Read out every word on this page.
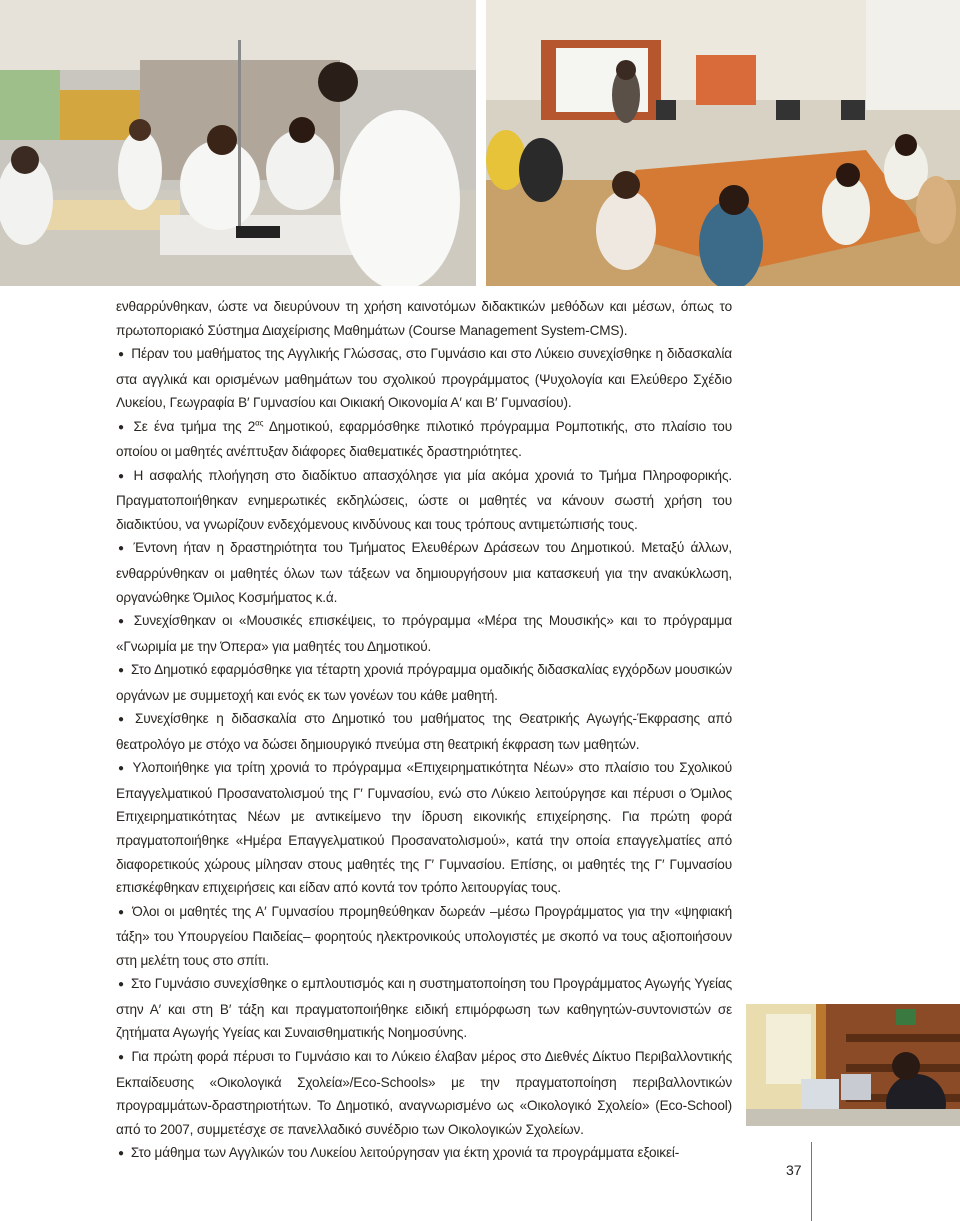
ενθαρρύνθηκαν, ώστε να διευρύνουν τη χρήση καινοτόμων διδακτικών μεθόδων και μέσων, όπως το πρωτοποριακό Σύστημα Διαχείρισης Μαθημάτων (Course Management System-CMS).

● Πέραν του μαθήματος της Αγγλικής Γλώσσας, στο Γυμνάσιο και στο Λύκειο συνεχίσθηκε η διδασκαλία στα αγγλικά και ορισμένων μαθημάτων του σχολικού προγράμματος (Ψυχολογία και Ελεύθερο Σχέδιο Λυκείου, Γεωγραφία Β′ Γυμνασίου και Οικιακή Οικονομία Α′ και Β′ Γυμνασίου).

● Σε ένα τμήμα της $2^{\alpha\varsigma}$ Δημοτικού, εφαρμόσθηκε πιλοτικό πρόγραμμα Ρομποτικής, στο πλαίσιο του οποίου οι μαθητές ανέπτυξαν διάφορες διαθεματικές δραστηριότητες.

● Η ασφαλής πλοήγηση στο διαδίκτυο απασχόλησε για μία ακόμα χρονιά το Τμήμα Πληροφορικής. Πραγματοποιήθηκαν ενημερωτικές εκδηλώσεις, ώστε οι μαθητές να κάνουν σωστή χρήση του διαδικτύου, να γνωρίζουν ενδεχόμενους κινδύνους και τους τρόπους αντιμετώπισής τους.

● Έντονη ήταν η δραστηριότητα του Τμήματος Ελευθέρων Δράσεων του Δημοτικού. Μεταξύ άλλων, ενθαρρύνθηκαν οι μαθητές όλων των τάξεων να δημιουργήσουν μια κατασκευή για την ανακύκλωση, οργανώθηκε Όμιλος Κοσμήματος κ.ά.

● Συνεχίσθηκαν οι «Μουσικές επισκέψεις, το πρόγραμμα «Μέρα της Μουσικής» και το πρόγραμμα «Γνωριμία με την Όπερα» για μαθητές του Δημοτικού.

● Στο Δημοτικό εφαρμόσθηκε για τέταρτη χρονιά πρόγραμμα ομαδικής διδασκαλίας εγχόρδων μουσικών οργάνων με συμμετοχή και ενός εκ των γονέων του κάθε μαθητή.

● Συνεχίσθηκε η διδασκαλία στο Δημοτικό του μαθήματος της Θεατρικής Αγωγής-Έκφρασης από θεατρολόγο με στόχο να δώσει δημιουργικό πνεύμα στη θεατρική έκφραση των μαθητών.

● Υλοποιήθηκε για τρίτη χρονιά το πρόγραμμα «Επιχειρηματικότητα Νέων» στο πλαίσιο του Σχολικού Επαγγελματικού Προσανατολισμού της Γ′ Γυμνασίου, ενώ στο Λύκειο λειτούργησε και πέρυσι ο Όμιλος Επιχειρηματικότητας Νέων με αντικείμενο την ίδρυση εικονικής επιχείρησης. Για πρώτη φορά πραγματοποιήθηκε «Ημέρα Επαγγελματικού Προσανατολισμού», κατά την οποία επαγγελματίες από διαφορετικούς χώρους μίλησαν στους μαθητές της Γ′ Γυμνασίου. Επίσης, οι μαθητές της Γ′ Γυμνασίου επισκέφθηκαν επιχειρήσεις και είδαν από κοντά τον τρόπο λειτουργίας τους.

● Όλοι οι μαθητές της Α′ Γυμνασίου προμηθεύθηκαν δωρεάν –μέσω Προγράμματος για την «ψηφιακή τάξη» του Υπουργείου Παιδείας– φορητούς ηλεκτρονικούς υπολογιστές με σκοπό να τους αξιοποιήσουν στη μελέτη τους στο σπίτι.

● Στο Γυμνάσιο συνεχίσθηκε ο εμπλουτισμός και η συστηματοποίηση του Προγράμματος Αγωγής Υγείας στην Α′ και στη Β′ τάξη και πραγματοποιήθηκε ειδική επιμόρφωση των καθηγητών-συντονιστών σε ζητήματα Αγωγής Υγείας και Συναισθηματικής Νοημοσύνης.

● Για πρώτη φορά πέρυσι το Γυμνάσιο και το Λύκειο έλαβαν μέρος στο Διεθνές Δίκτυο Περιβαλλοντικής Εκπαίδευσης «Οικολογικά Σχολεία»/Eco-Schools» με την πραγματοποίηση περιβαλλοντικών προγραμμάτων-δραστηριοτήτων. Το Δημοτικό, αναγνωρισμένο ως «Οικολογικό Σχολείο» (Eco-School) από το 2007, συμμετέσχε σε πανελλαδικό συνέδριο των Οικολογικών Σχολείων.

● Στο μάθημα των Αγγλικών του Λυκείου λειτούργησαν για έκτη χρονιά τα προγράμματα εξοικεί-

37
